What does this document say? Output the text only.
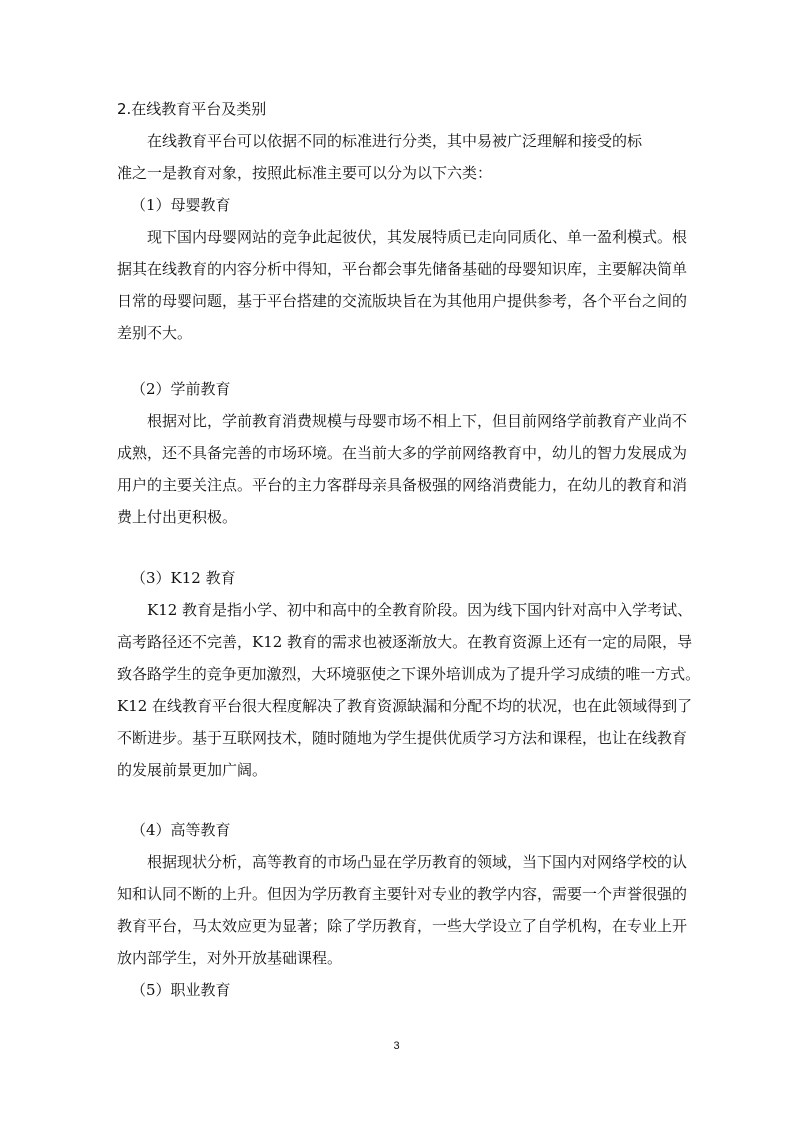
2.在线教育平台及类别

在线教育平台可以依据不同的标准进行分类，其中易被广泛理解和接受的标

准之一是教育对象，按照此标准主要可以分为以下六类：

（1）母婴教育

现下国内母婴网站的竞争此起彼伏，其发展特质已走向同质化、单一盈利模式。根

据其在线教育的内容分析中得知，平台都会事先储备基础的母婴知识库，主要解决简单

日常的母婴问题，基于平台搭建的交流版块旨在为其他用户提供参考，各个平台之间的

差别不大。

（2）学前教育

根据对比，学前教育消费规模与母婴市场不相上下，但目前网络学前教育产业尚不

成熟，还不具备完善的市场环境。在当前大多的学前网络教育中，幼儿的智力发展成为

用户的主要关注点。平台的主力客群母亲具备极强的网络消费能力，在幼儿的教育和消

费上付出更积极。

（3）K12 教育

K12 教育是指小学、初中和高中的全教育阶段。因为线下国内针对高中入学考试、

高考路径还不完善，K12 教育的需求也被逐渐放大。在教育资源上还有一定的局限，导

致各路学生的竞争更加激烈，大环境驱使之下课外培训成为了提升学习成绩的唯一方式。

K12 在线教育平台很大程度解决了教育资源缺漏和分配不均的状况，也在此领域得到了

不断进步。基于互联网技术，随时随地为学生提供优质学习方法和课程，也让在线教育

的发展前景更加广阔。

（4）高等教育

根据现状分析，高等教育的市场凸显在学历教育的领域，当下国内对网络学校的认

知和认同不断的上升。但因为学历教育主要针对专业的教学内容，需要一个声誉很强的

教育平台，马太效应更为显著；除了学历教育，一些大学设立了自学机构，在专业上开

放内部学生，对外开放基础课程。

（5）职业教育

3
